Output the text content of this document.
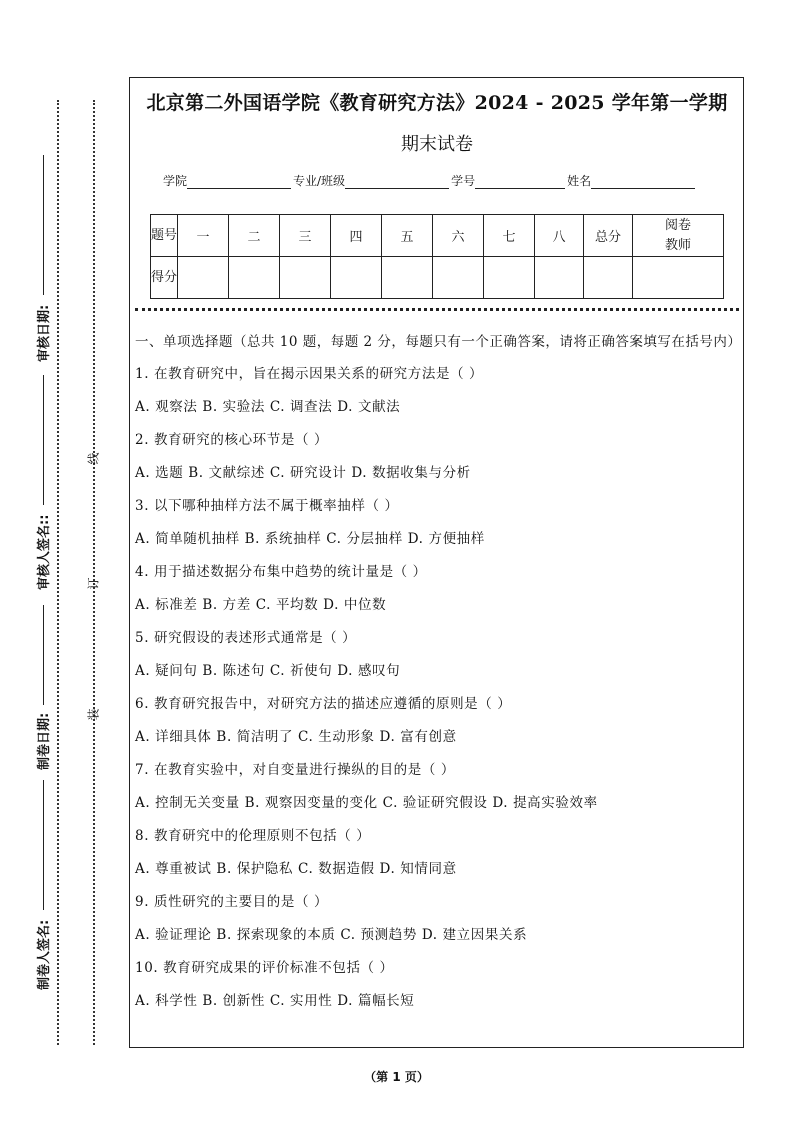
审核日期:
审核人签名::
制卷日期:
制卷人签名:
线
订
装
北京第二外国语学院《教育研究方法》2024 - 2025 学年第一学期
期末试卷
学院	专业/班级	学号	姓名
题号	一	二	三	四	五	六	七	八	总分	阅卷教师
得分										
一、单项选择题（总共 10 题，每题 2 分，每题只有一个正确答案，请将正确答案填写在括号内）
1. 在教育研究中，旨在揭示因果关系的研究方法是（ ）
A. 观察法 B. 实验法 C. 调查法 D. 文献法
2. 教育研究的核心环节是（ ）
A. 选题 B. 文献综述 C. 研究设计 D. 数据收集与分析
3. 以下哪种抽样方法不属于概率抽样（ ）
A. 简单随机抽样 B. 系统抽样 C. 分层抽样 D. 方便抽样
4. 用于描述数据分布集中趋势的统计量是（ ）
A. 标准差 B. 方差 C. 平均数 D. 中位数
5. 研究假设的表述形式通常是（ ）
A. 疑问句 B. 陈述句 C. 祈使句 D. 感叹句
6. 教育研究报告中，对研究方法的描述应遵循的原则是（ ）
A. 详细具体 B. 简洁明了 C. 生动形象 D. 富有创意
7. 在教育实验中，对自变量进行操纵的目的是（ ）
A. 控制无关变量 B. 观察因变量的变化 C. 验证研究假设 D. 提高实验效率
8. 教育研究中的伦理原则不包括（ ）
A. 尊重被试 B. 保护隐私 C. 数据造假 D. 知情同意
9. 质性研究的主要目的是（ ）
A. 验证理论 B. 探索现象的本质 C. 预测趋势 D. 建立因果关系
10. 教育研究成果的评价标准不包括（ ）
A. 科学性 B. 创新性 C. 实用性 D. 篇幅长短
（第 1 页）
